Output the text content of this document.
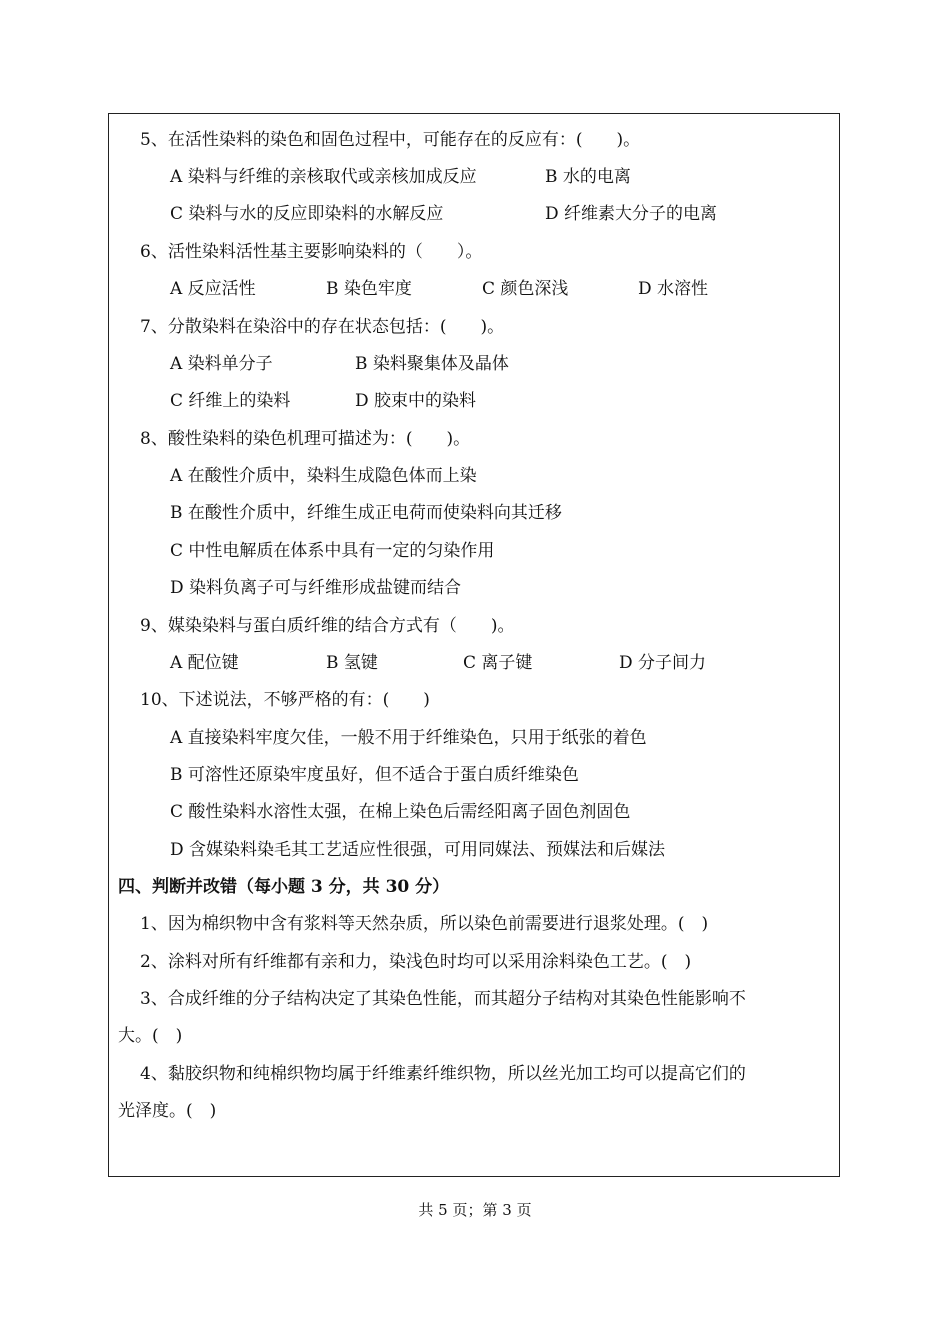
5、在活性染料的染色和固色过程中，可能存在的反应有：(　　)。
A 染料与纤维的亲核取代或亲核加成反应	B 水的电离
C 染料与水的反应即染料的水解反应	D 纤维素大分子的电离
6、活性染料活性基主要影响染料的（　　）。
A 反应活性	B 染色牢度	C 颜色深浅	D 水溶性
7、分散染料在染浴中的存在状态包括：(　　)。
A 染料单分子	B 染料聚集体及晶体
C 纤维上的染料	D 胶束中的染料
8、酸性染料的染色机理可描述为：(　　)。
A 在酸性介质中，染料生成隐色体而上染
B 在酸性介质中，纤维生成正电荷而使染料向其迁移
C 中性电解质在体系中具有一定的匀染作用
D 染料负离子可与纤维形成盐键而结合
9、媒染染料与蛋白质纤维的结合方式有（　　)。
A 配位键	B 氢键	C 离子键	D 分子间力
10、下述说法，不够严格的有：(　　)
A 直接染料牢度欠佳，一般不用于纤维染色，只用于纸张的着色
B 可溶性还原染牢度虽好，但不适合于蛋白质纤维染色
C 酸性染料水溶性太强，在棉上染色后需经阳离子固色剂固色
D 含媒染料染毛其工艺适应性很强，可用同媒法、预媒法和后媒法
四、判断并改错（每小题 3 分，共 30 分）
1、因为棉织物中含有浆料等天然杂质，所以染色前需要进行退浆处理。(　)
2、涂料对所有纤维都有亲和力，染浅色时均可以采用涂料染色工艺。(　)
3、合成纤维的分子结构决定了其染色性能，而其超分子结构对其染色性能影响不
大。(　)
4、黏胶织物和纯棉织物均属于纤维素纤维织物，所以丝光加工均可以提高它们的
光泽度。(　)
共 5 页；第 3 页
